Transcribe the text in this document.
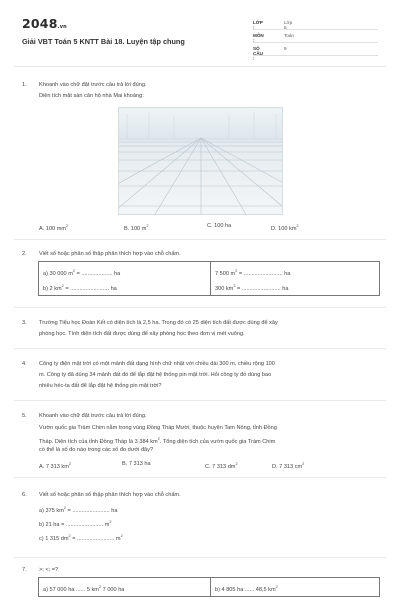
2048.vn
Giải VBT Toán 5 KNTT Bài 18. Luyện tập chung
LỚP :
Lớp 5
MÔN :
Toán
SỐ CÂU :
9
1. Khoanh vào chữ đặt trước câu trả lời đúng.
Diện tích mặt sàn căn hộ nhà Mai khoảng:
A. 100 $mm^2$	B. 100 $m^2$	C. 100 ha	D. 100 $km^2$
2. Viết số hoặc phân số thập phân thích hợp vào chỗ chấm.
a) 30 000 $m^2$ = .................... ha	7 500 $m^2$ = ......................... ha
b) 2 $km^2$ = ......................... ha	300 $km^2$ = ......................... ha
3. Trường Tiểu học Đoàn Kết có diện tích là 2,5 ha. Trong đó có 25 diện tích đất được dùng để xây
phòng học. Tính diện tích đất được dùng để xây phòng học theo đơn vị mét vuông.
4. Công ty điện mặt trời có một mảnh đất dạng hình chữ nhật với chiều dài 300 m, chiều rộng 100
m. Công ty đã dùng 34 mảnh đất đó để lắp đặt hệ thống pin mặt trời. Hỏi công ty đó dùng bao
nhiêu héc-ta đất để lắp đặt hệ thống pin mặt trời?
5. Khoanh vào chữ đặt trước câu trả lời đúng.
Vườn quốc gia Tràm Chim nằm trong vùng Đồng Tháp Mười, thuộc huyện Tam Nông, tỉnh Đồng
Tháp. Diện tích của tỉnh Đồng Tháp là 3 384 $km^2$. Tổng diện tích của vườn quốc gia Tràm Chim
có thể là số đo nào trong các số đo dưới đây?
A. 7 313 $km^2$	B. 7 313 ha	C. 7 313 $dm^2$	D. 7 313 $cm^2$
6. Viết số hoặc phân số thập phân thích hợp vào chỗ chấm.
a) 375 $km^2$ = ........................ ha
b) 21 ha = ........................ $m^2$
c) 1 315 $dm^2$ = ........................ $m^2$
7. >; <; =?
a) 57 000 ha ...... 5 $km^2$ 7 000 ha	b) 4 805 ha ...... 48,5 $km^2$
